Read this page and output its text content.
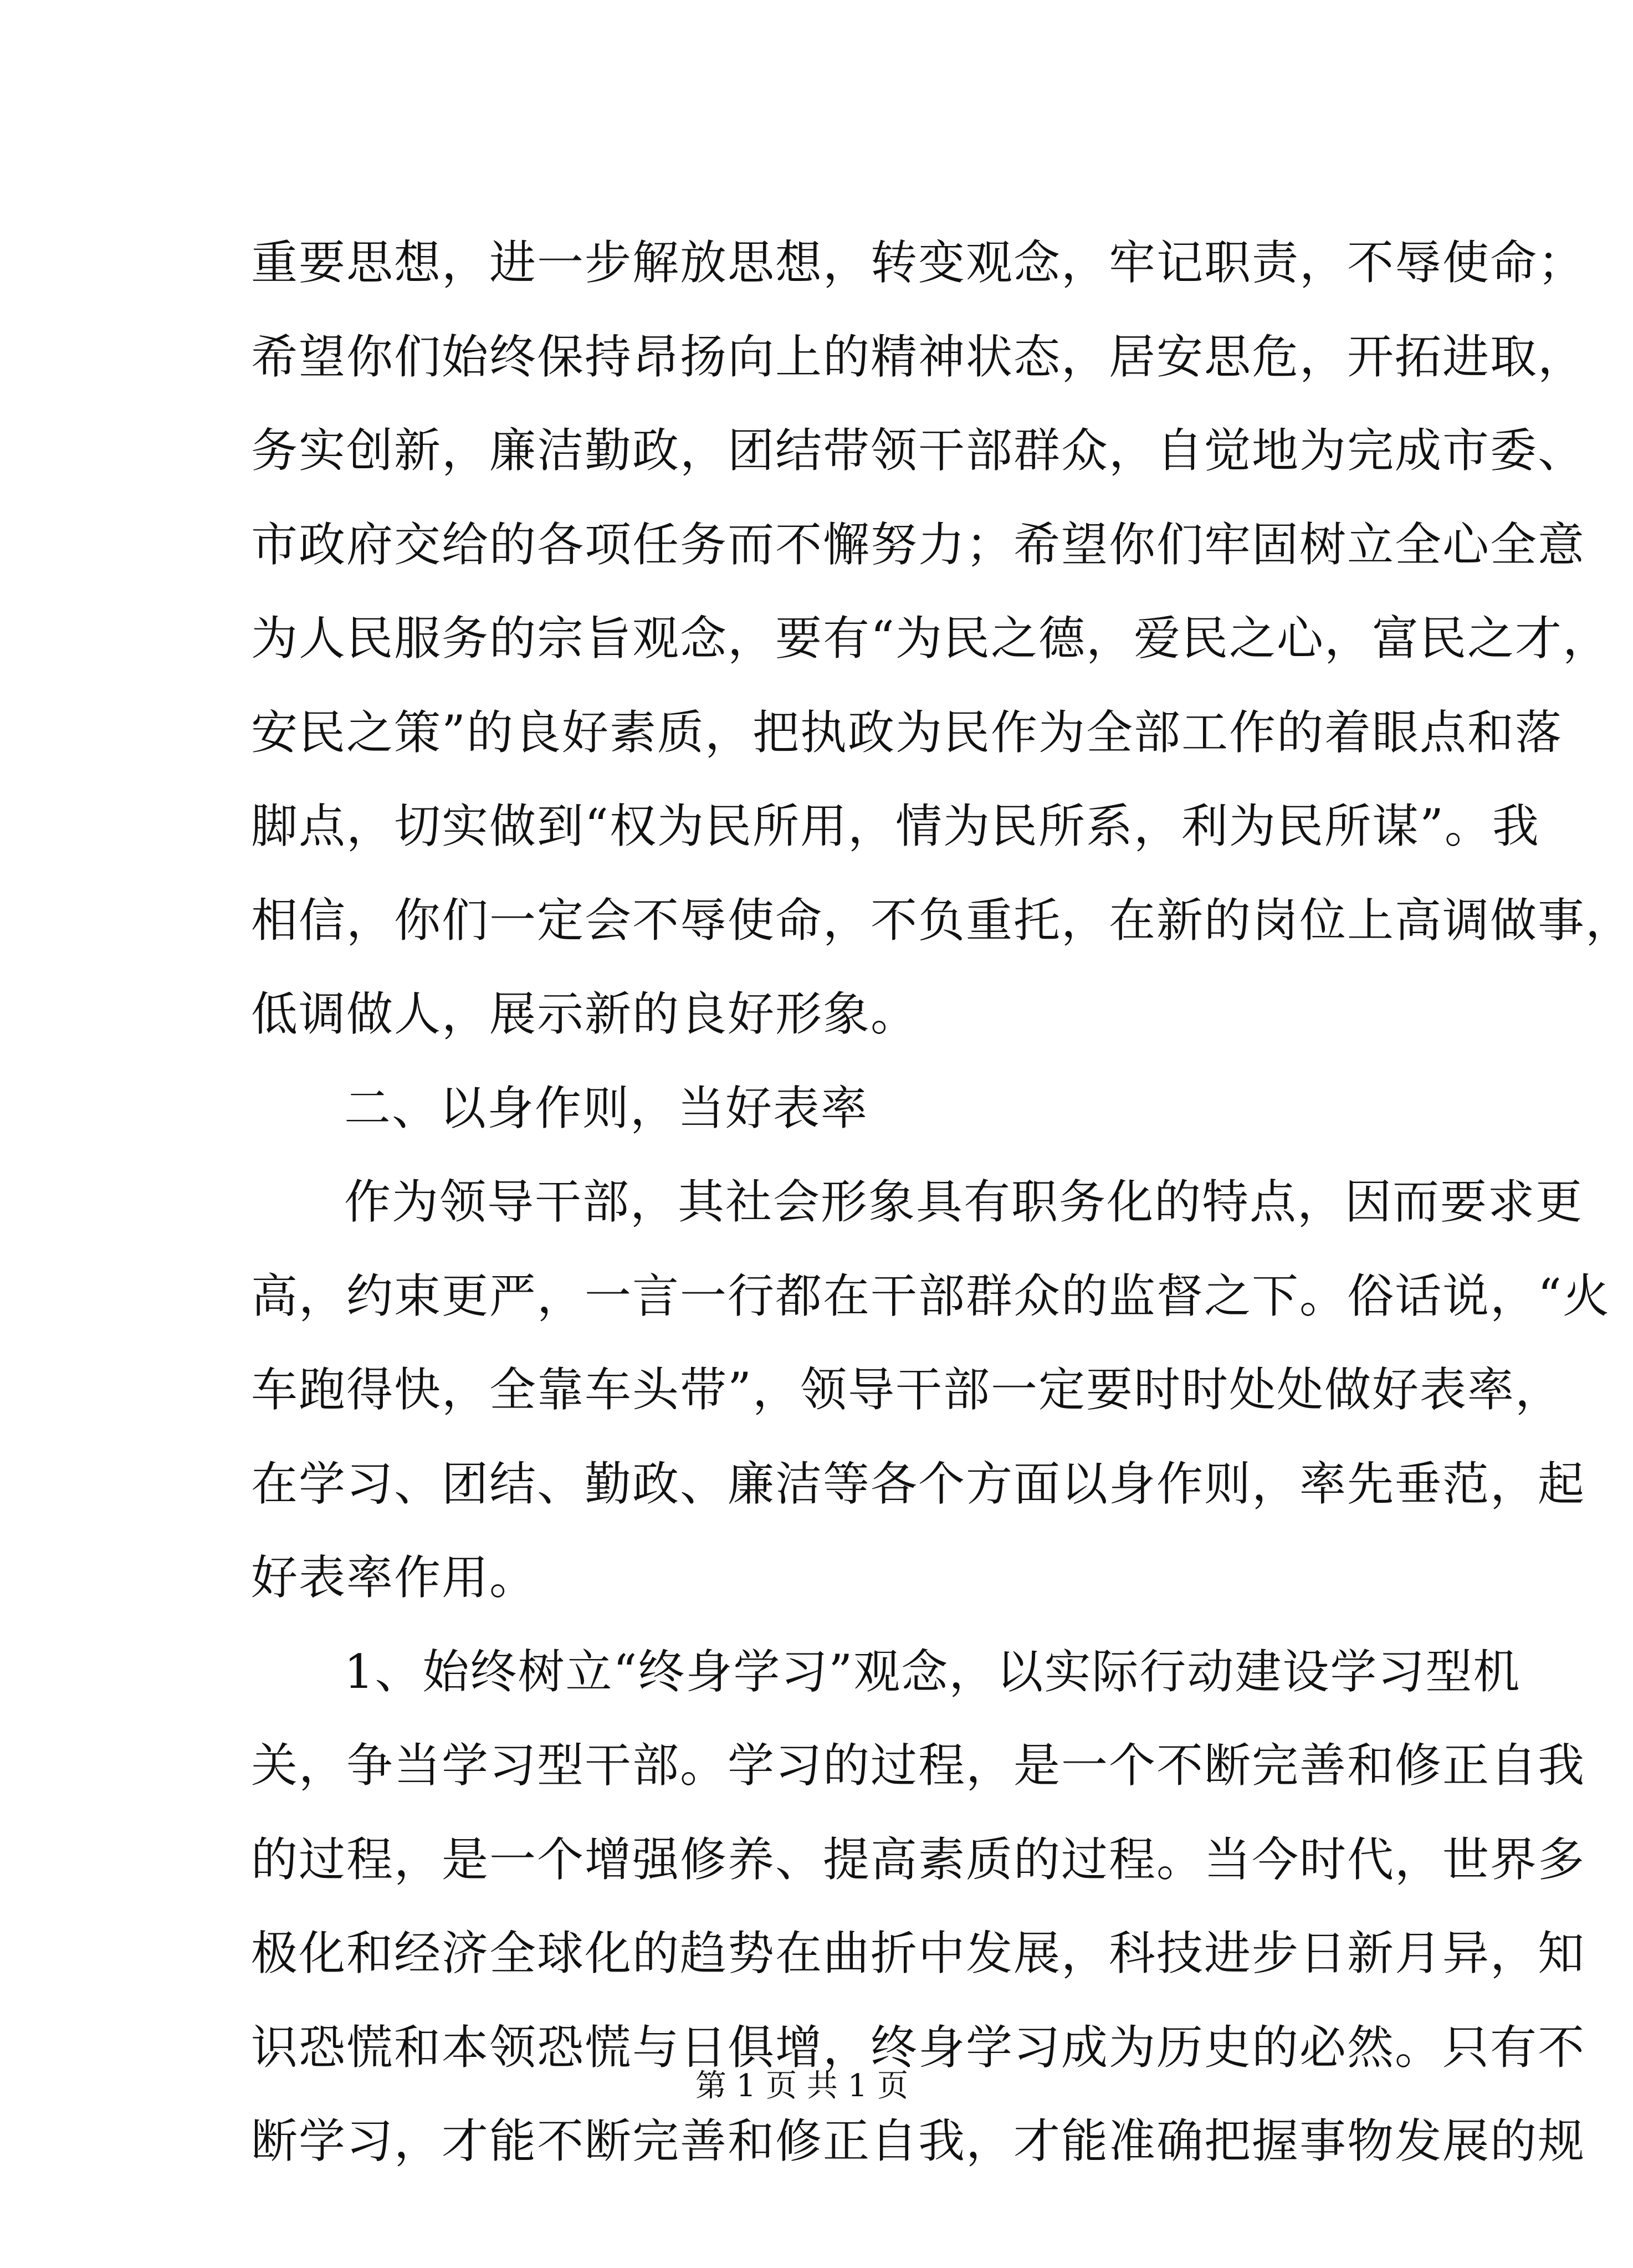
重要思想，进一步解放思想，转变观念，牢记职责，不辱使命；
希望你们始终保持昂扬向上的精神状态，居安思危，开拓进取，
务实创新，廉洁勤政，团结带领干部群众，自觉地为完成市委、
市政府交给的各项任务而不懈努力；希望你们牢固树立全心全意
为人民服务的宗旨观念，要有“为民之德，爱民之心，富民之才，
安民之策”的良好素质，把执政为民作为全部工作的着眼点和落
脚点，切实做到“权为民所用，情为民所系，利为民所谋”。我
相信，你们一定会不辱使命，不负重托，在新的岗位上高调做事，
低调做人，展示新的良好形象。
二、以身作则，当好表率
作为领导干部，其社会形象具有职务化的特点，因而要求更
高，约束更严，一言一行都在干部群众的监督之下。俗话说，“火
车跑得快，全靠车头带”，领导干部一定要时时处处做好表率，
在学习、团结、勤政、廉洁等各个方面以身作则，率先垂范，起
好表率作用。
1、始终树立“终身学习”观念，以实际行动建设学习型机
关，争当学习型干部。学习的过程，是一个不断完善和修正自我
的过程，是一个增强修养、提高素质的过程。当今时代，世界多
极化和经济全球化的趋势在曲折中发展，科技进步日新月异，知
识恐慌和本领恐慌与日俱增，终身学习成为历史的必然。只有不
断学习，才能不断完善和修正自我，才能准确把握事物发展的规
第 1 页 共 1 页
